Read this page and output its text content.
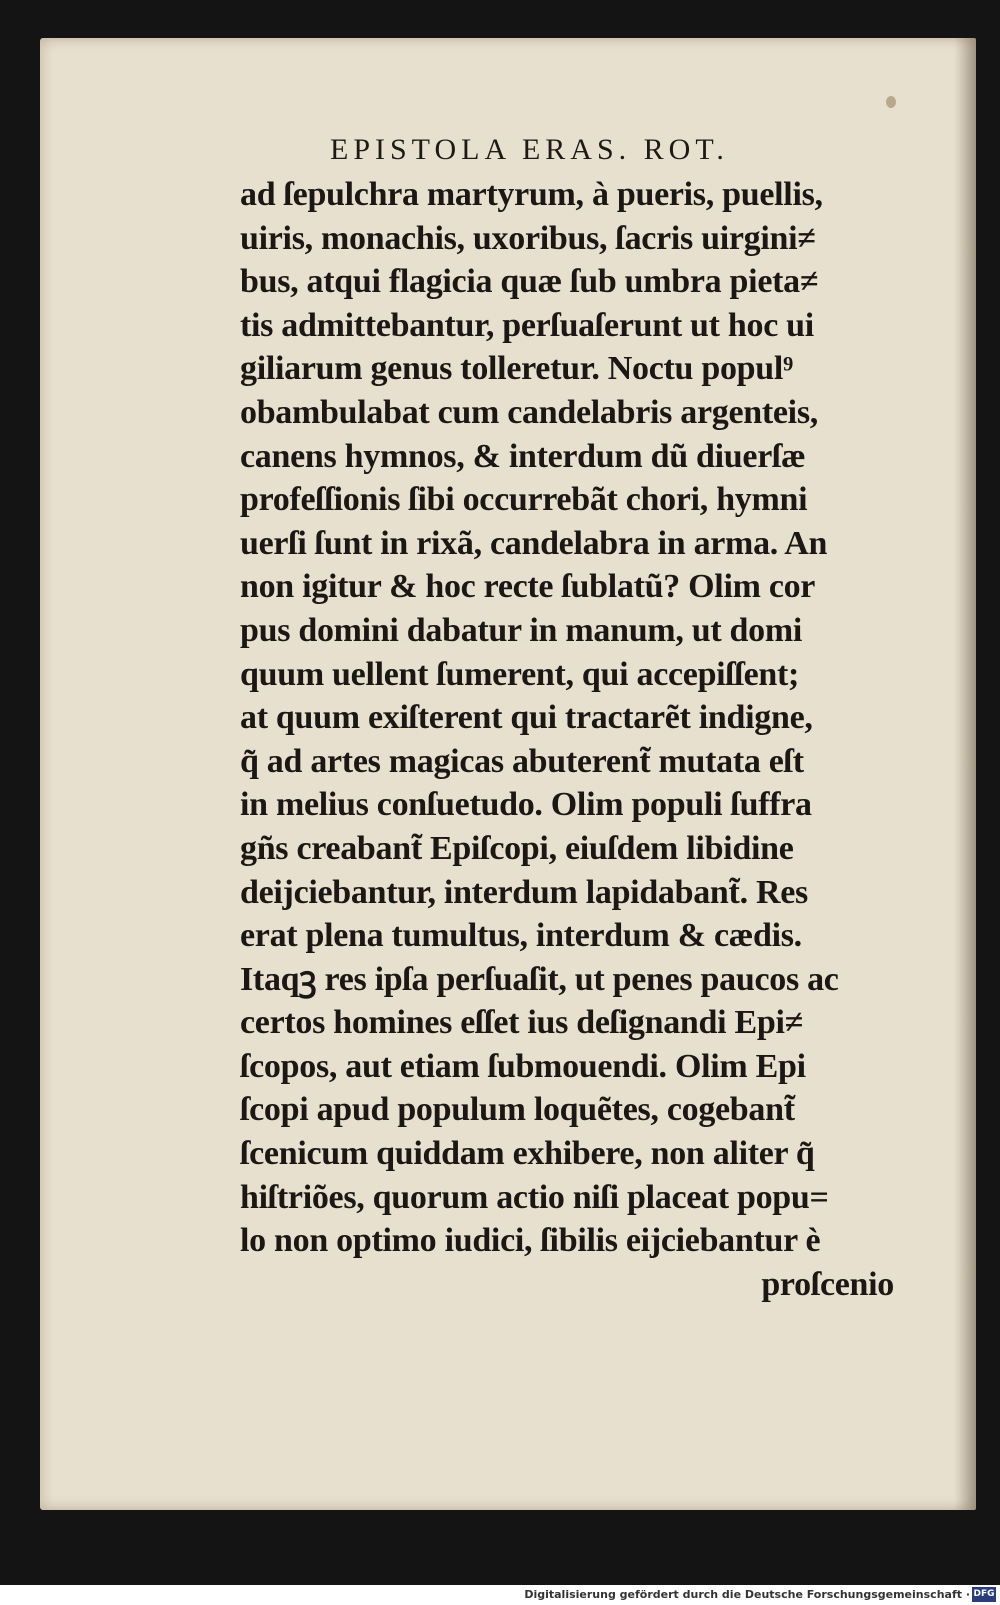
EPISTOLA ERAS. ROT.
ad ſepulchra martyrum, à pueris, puellis,
uiris, monachis, uxoribus, ſacris uirgini≠
bus, atqui flagicia quæ ſub umbra pieta≠
tis admittebantur, perſuaſerunt ut hoc ui
giliarum genus tolleretur. Noctu popul⁹
obambulabat cum candelabris argenteis,
canens hymnos, & interdum dũ diuerſæ
profeſſionis ſibi occurrebãt chori, hymni
uerſi ſunt in rixã, candelabra in arma. An
non igitur & hoc recte ſublatũ? Olim cor
pus domini dabatur in manum, ut domi
quum uellent ſumerent, qui accepiſſent;
at quum exiſterent qui tractarẽt indigne,
q̃ ad artes magicas abuterent̃ mutata eſt
in melius conſuetudo. Olim populi ſuffra
gñs creabant̃ Epiſcopi, eiuſdem libidine
deijciebantur, interdum lapidabant̃. Res
erat plena tumultus, interdum & cædis.
Itaqꝫ res ipſa perſuaſit, ut penes paucos ac
certos homines eſſet ius deſignandi Epi≠
ſcopos, aut etiam ſubmouendi. Olim Epi
ſcopi apud populum loquẽtes, cogebant̃
ſcenicum quiddam exhibere, non aliter q̃
hiſtriões, quorum actio niſi placeat popu=
lo non optimo iudici, ſibilis eijciebantur è
proſcenio
Digitalisierung gefördert durch die Deutsche Forschungsgemeinschaft · DFG
